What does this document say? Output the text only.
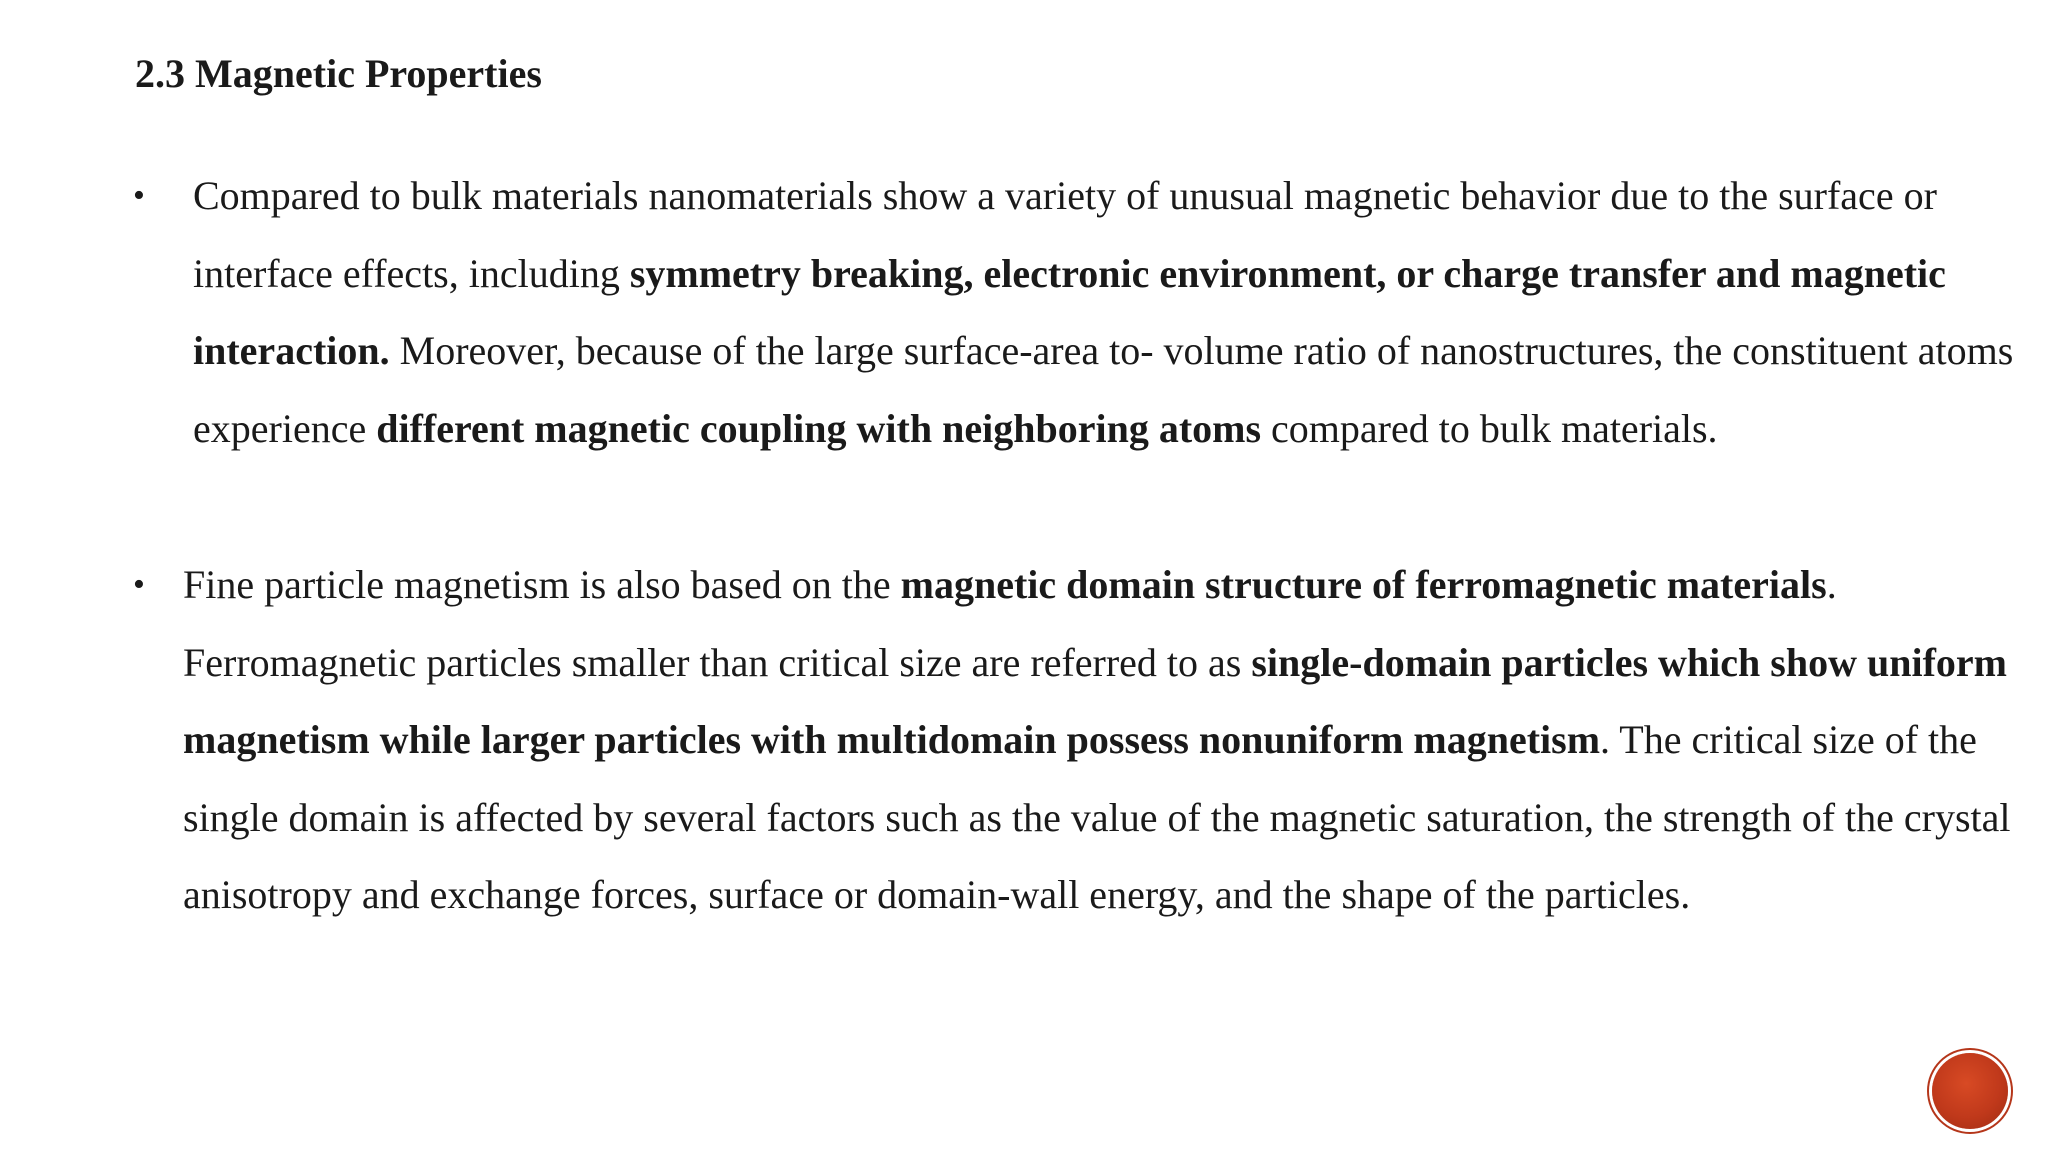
2.3 Magnetic Properties
• Compared to bulk materials nanomaterials show a variety of unusual magnetic behavior due to the surface or interface effects, including symmetry breaking, electronic environment, or charge transfer and magnetic interaction. Moreover, because of the large surface-area to- volume ratio of nanostructures, the constituent atoms experience different magnetic coupling with neighboring atoms compared to bulk materials.
• Fine particle magnetism is also based on the magnetic domain structure of ferromagnetic materials. Ferromagnetic particles smaller than critical size are referred to as single-domain particles which show uniform magnetism while larger particles with multidomain possess nonuniform magnetism. The critical size of the single domain is affected by several factors such as the value of the magnetic saturation, the strength of the crystal anisotropy and exchange forces, surface or domain-wall energy, and the shape of the particles.
